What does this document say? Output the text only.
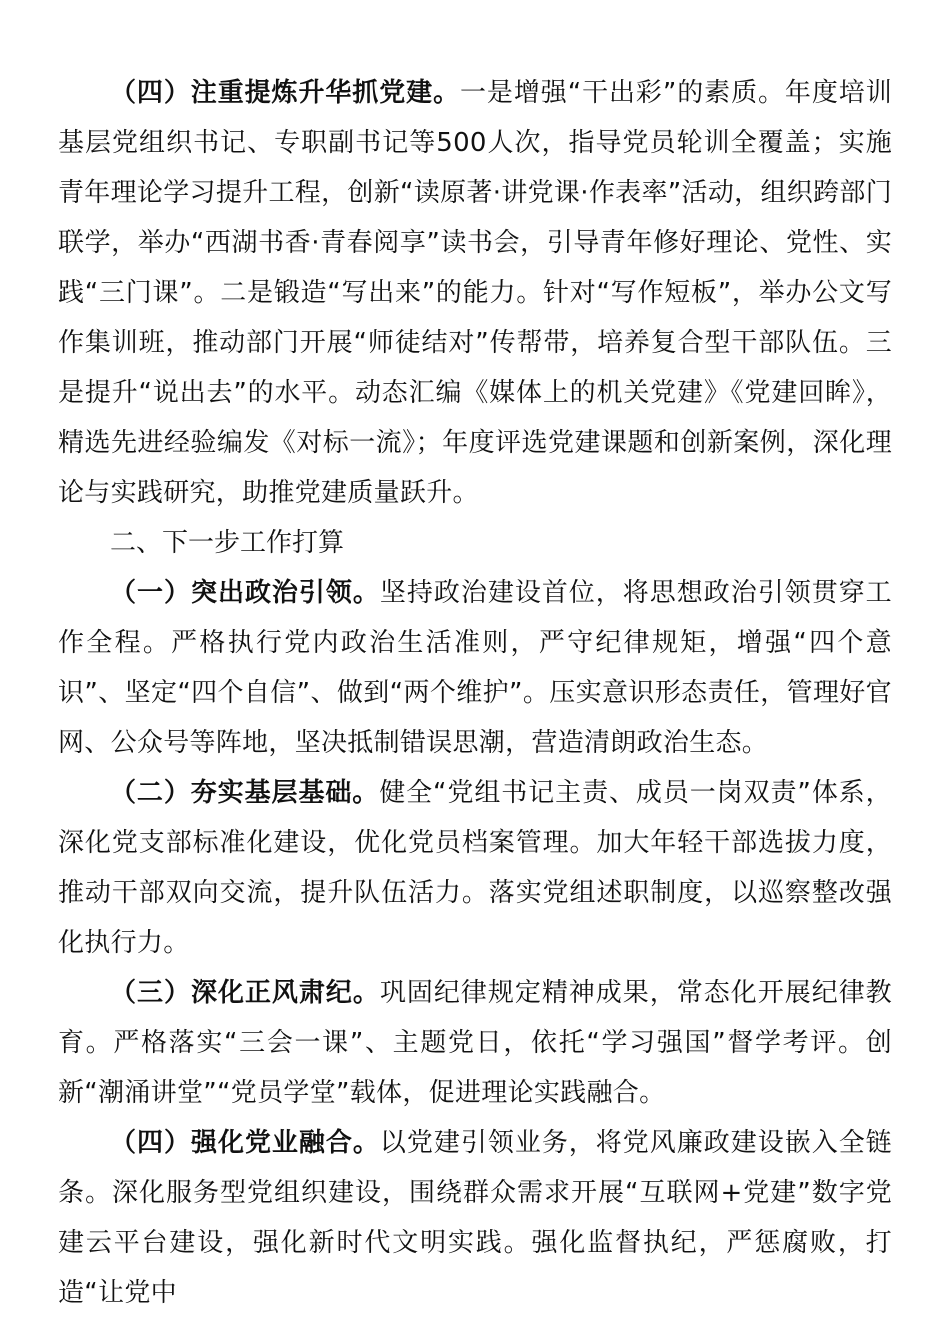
（四）注重提炼升华抓党建。一是增强“干出彩”的素质。年度培训基层党组织书记、专职副书记等500人次，指导党员轮训全覆盖；实施青年理论学习提升工程，创新“读原著·讲党课·作表率”活动，组织跨部门联学，举办“西湖书香·青春阅享”读书会，引导青年修好理论、党性、实践“三门课”。二是锻造“写出来”的能力。针对“写作短板”，举办公文写作集训班，推动部门开展“师徒结对”传帮带，培养复合型干部队伍。三是提升“说出去”的水平。动态汇编《媒体上的机关党建》《党建回眸》，精选先进经验编发《对标一流》；年度评选党建课题和创新案例，深化理论与实践研究，助推党建质量跃升。

二、下一步工作打算

（一）突出政治引领。坚持政治建设首位，将思想政治引领贯穿工作全程。严格执行党内政治生活准则，严守纪律规矩，增强“四个意识”、坚定“四个自信”、做到“两个维护”。压实意识形态责任，管理好官网、公众号等阵地，坚决抵制错误思潮，营造清朗政治生态。

（二）夯实基层基础。健全“党组书记主责、成员一岗双责”体系，深化党支部标准化建设，优化党员档案管理。加大年轻干部选拔力度，推动干部双向交流，提升队伍活力。落实党组述职制度，以巡察整改强化执行力。

（三）深化正风肃纪。巩固纪律规定精神成果，常态化开展纪律教育。严格落实“三会一课”、主题党日，依托“学习强国”督学考评。创新“潮涌讲堂”“党员学堂”载体，促进理论实践融合。

（四）强化党业融合。以党建引领业务，将党风廉政建设嵌入全链条。深化服务型党组织建设，围绕群众需求开展“互联网+党建”数字党建云平台建设，强化新时代文明实践。强化监督执纪，严惩腐败，打造“让党中
